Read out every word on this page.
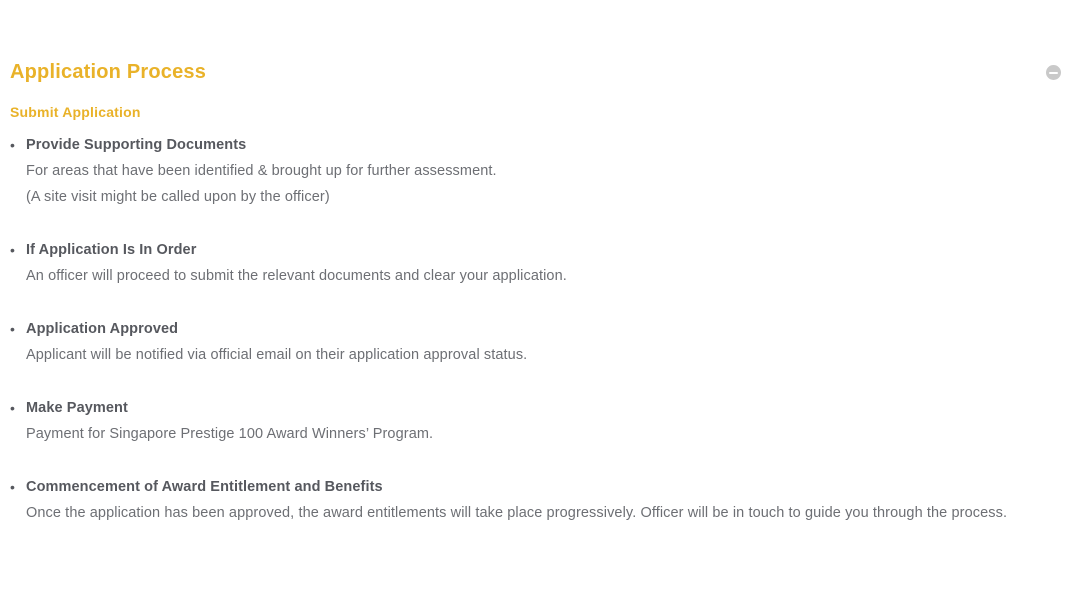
Application Process
Submit Application
• Provide Supporting Documents
For areas that have been identified & brought up for further assessment.
(A site visit might be called upon by the officer)
• If Application Is In Order
An officer will proceed to submit the relevant documents and clear your application.
• Application Approved
Applicant will be notified via official email on their application approval status.
• Make Payment
Payment for Singapore Prestige 100 Award Winners’ Program.
• Commencement of Award Entitlement and Benefits
Once the application has been approved, the award entitlements will take place progressively. Officer will be in touch to guide you through the process.
